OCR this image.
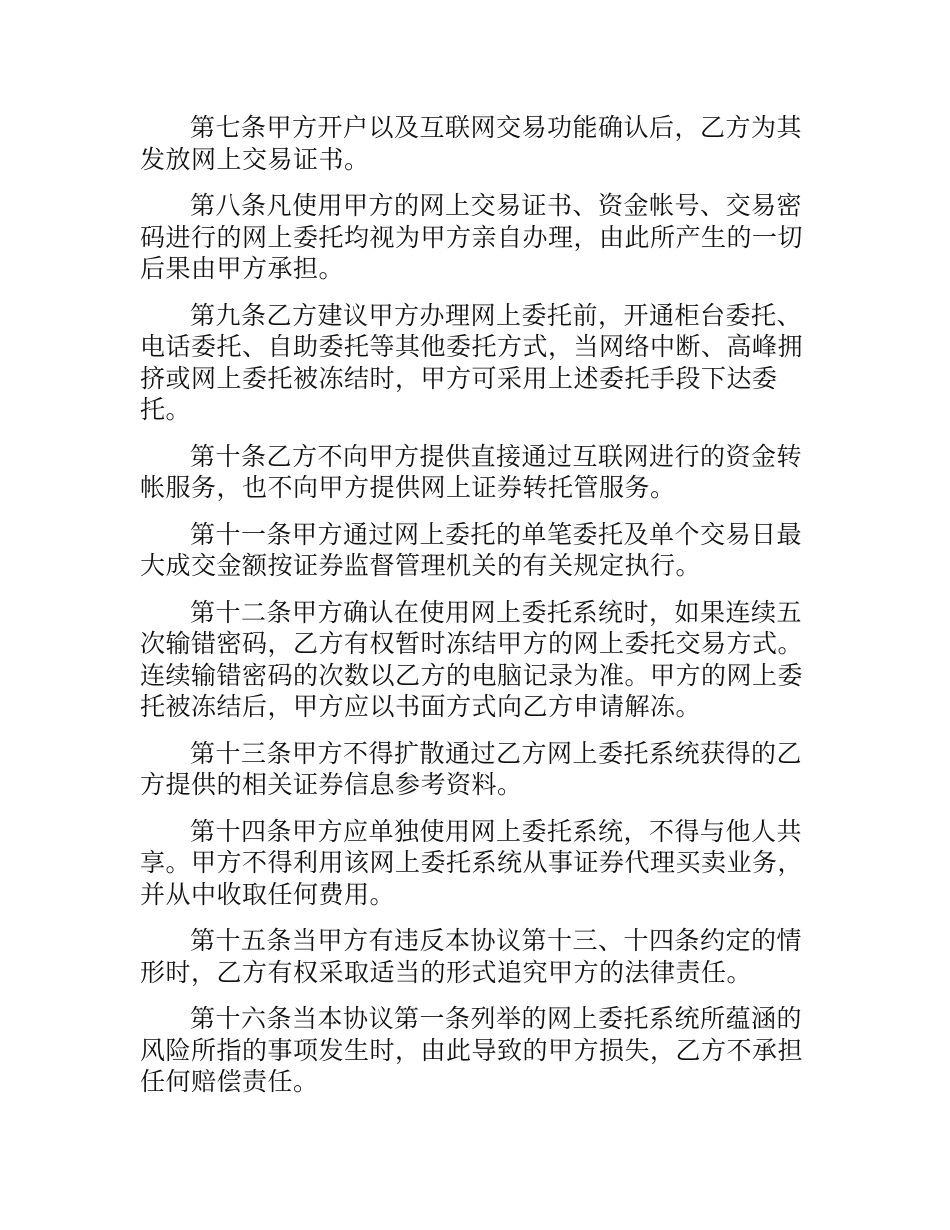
第七条甲方开户以及互联网交易功能确认后，乙方为其发放网上交易证书。

第八条凡使用甲方的网上交易证书、资金帐号、交易密码进行的网上委托均视为甲方亲自办理，由此所产生的一切后果由甲方承担。

第九条乙方建议甲方办理网上委托前，开通柜台委托、电话委托、自助委托等其他委托方式，当网络中断、高峰拥挤或网上委托被冻结时，甲方可采用上述委托手段下达委托。

第十条乙方不向甲方提供直接通过互联网进行的资金转帐服务，也不向甲方提供网上证券转托管服务。

第十一条甲方通过网上委托的单笔委托及单个交易日最大成交金额按证券监督管理机关的有关规定执行。

第十二条甲方确认在使用网上委托系统时，如果连续五次输错密码，乙方有权暂时冻结甲方的网上委托交易方式。连续输错密码的次数以乙方的电脑记录为准。甲方的网上委托被冻结后，甲方应以书面方式向乙方申请解冻。

第十三条甲方不得扩散通过乙方网上委托系统获得的乙方提供的相关证券信息参考资料。

第十四条甲方应单独使用网上委托系统，不得与他人共享。甲方不得利用该网上委托系统从事证券代理买卖业务，并从中收取任何费用。

第十五条当甲方有违反本协议第十三、十四条约定的情形时，乙方有权采取适当的形式追究甲方的法律责任。

第十六条当本协议第一条列举的网上委托系统所蕴涵的风险所指的事项发生时，由此导致的甲方损失，乙方不承担任何赔偿责任。
